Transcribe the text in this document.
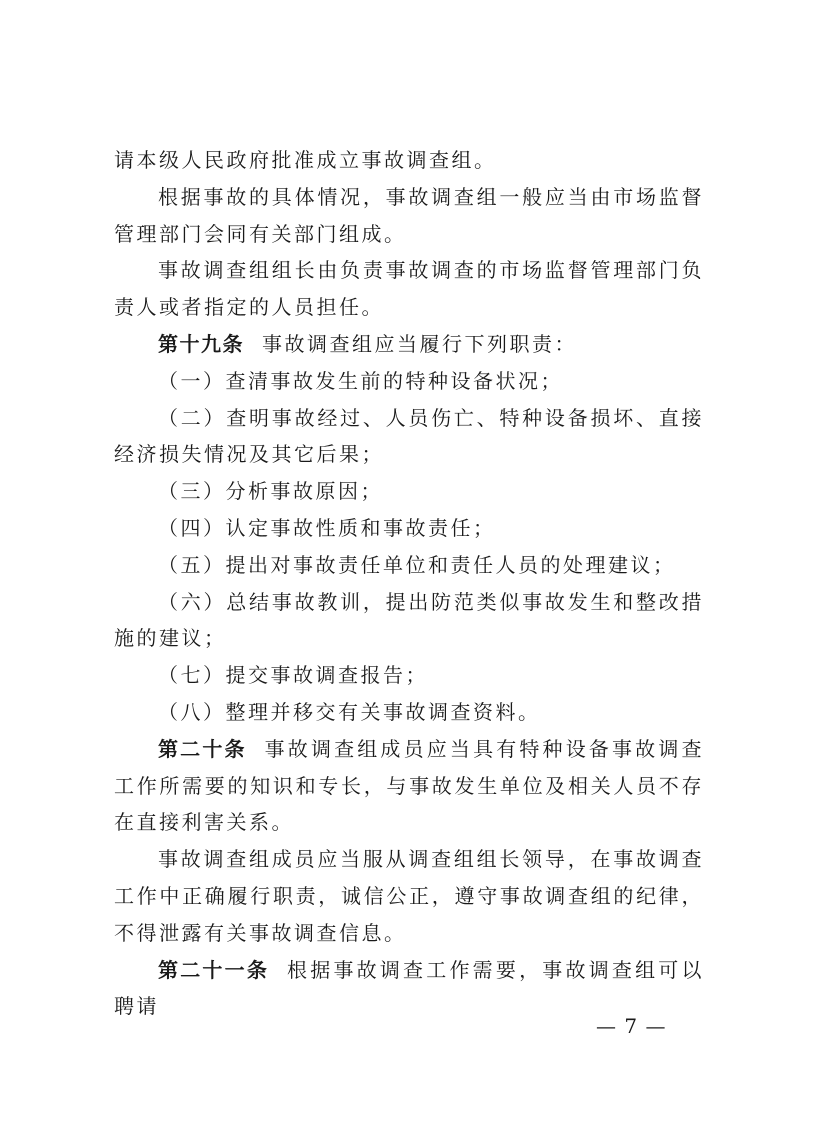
请本级人民政府批准成立事故调查组。

根据事故的具体情况，事故调查组一般应当由市场监督管理部门会同有关部门组成。

事故调查组组长由负责事故调查的市场监督管理部门负责人或者指定的人员担任。

第十九条 事故调查组应当履行下列职责：

（一）查清事故发生前的特种设备状况；

（二）查明事故经过、人员伤亡、特种设备损坏、直接经济损失情况及其它后果；

（三）分析事故原因；

（四）认定事故性质和事故责任；

（五）提出对事故责任单位和责任人员的处理建议；

（六）总结事故教训，提出防范类似事故发生和整改措施的建议；

（七）提交事故调查报告；

（八）整理并移交有关事故调查资料。

第二十条 事故调查组成员应当具有特种设备事故调查工作所需要的知识和专长，与事故发生单位及相关人员不存在直接利害关系。

事故调查组成员应当服从调查组组长领导，在事故调查工作中正确履行职责，诚信公正，遵守事故调查组的纪律，不得泄露有关事故调查信息。

第二十一条 根据事故调查工作需要，事故调查组可以聘请

— 7 —
